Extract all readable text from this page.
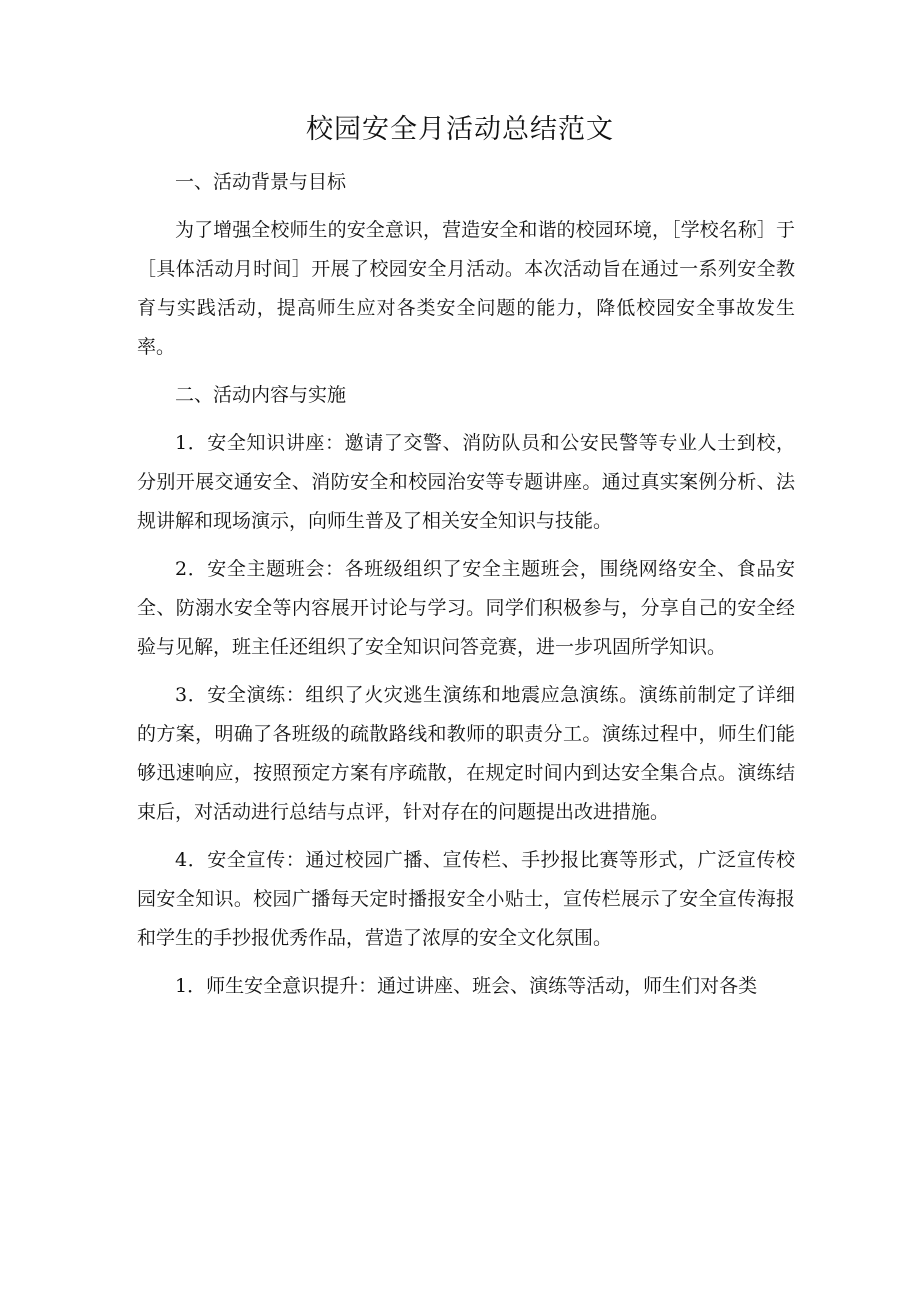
校园安全月活动总结范文
一、活动背景与目标

为了增强全校师生的安全意识，营造安全和谐的校园环境，［学校名称］于［具体活动月时间］开展了校园安全月活动。本次活动旨在通过一系列安全教育与实践活动，提高师生应对各类安全问题的能力，降低校园安全事故发生率。

二、活动内容与实施

1．安全知识讲座：邀请了交警、消防队员和公安民警等专业人士到校，分别开展交通安全、消防安全和校园治安等专题讲座。通过真实案例分析、法规讲解和现场演示，向师生普及了相关安全知识与技能。

2．安全主题班会：各班级组织了安全主题班会，围绕网络安全、食品安全、防溺水安全等内容展开讨论与学习。同学们积极参与，分享自己的安全经验与见解，班主任还组织了安全知识问答竞赛，进一步巩固所学知识。

3．安全演练：组织了火灾逃生演练和地震应急演练。演练前制定了详细的方案，明确了各班级的疏散路线和教师的职责分工。演练过程中，师生们能够迅速响应，按照预定方案有序疏散，在规定时间内到达安全集合点。演练结束后，对活动进行总结与点评，针对存在的问题提出改进措施。

4．安全宣传：通过校园广播、宣传栏、手抄报比赛等形式，广泛宣传校园安全知识。校园广播每天定时播报安全小贴士，宣传栏展示了安全宣传海报和学生的手抄报优秀作品，营造了浓厚的安全文化氛围。

1．师生安全意识提升：通过讲座、班会、演练等活动，师生们对各类
